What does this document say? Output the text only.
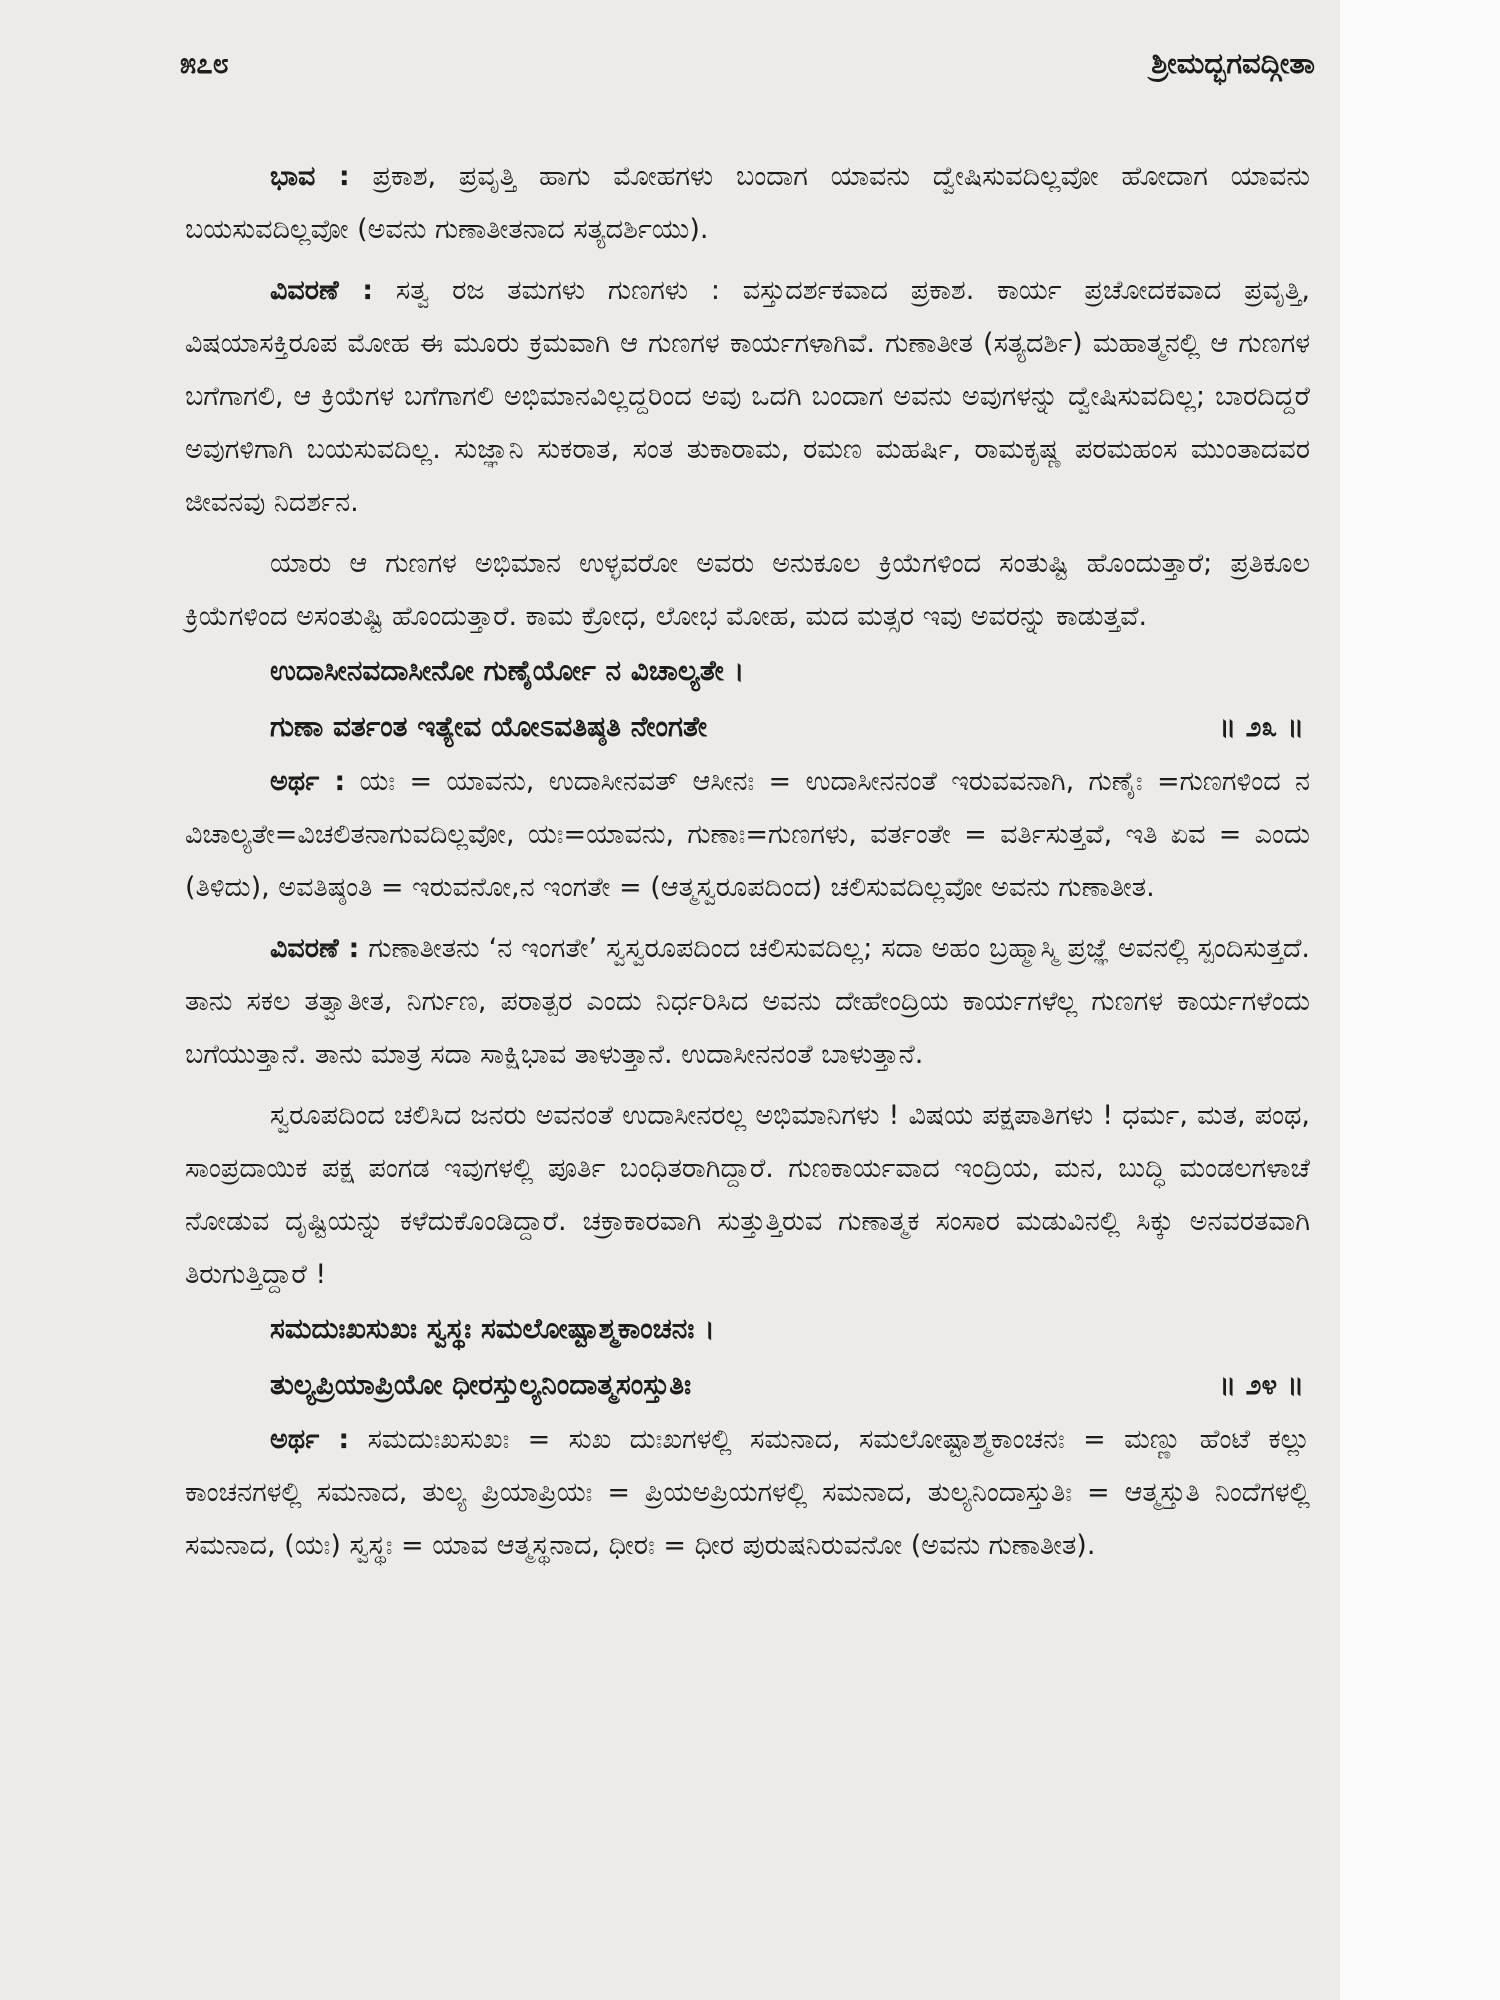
೫೭೮	ಶ್ರೀಮದ್ಭಗವದ್ಗೀತಾ

ಭಾವ : ಪ್ರಕಾಶ, ಪ್ರವೃತ್ತಿ ಹಾಗು ಮೋಹಗಳು ಬಂದಾಗ ಯಾವನು ದ್ವೇಷಿಸುವದಿಲ್ಲವೋ ಹೋದಾಗ ಯಾವನು ಬಯಸುವದಿಲ್ಲವೋ (ಅವನು ಗುಣಾತೀತನಾದ ಸತ್ಯದರ್ಶಿಯು).

ವಿವರಣೆ : ಸತ್ವ ರಜ ತಮಗಳು ಗುಣಗಳು : ವಸ್ತುದರ್ಶಕವಾದ ಪ್ರಕಾಶ. ಕಾರ್ಯ ಪ್ರಚೋದಕವಾದ ಪ್ರವೃತ್ತಿ, ವಿಷಯಾಸಕ್ತಿರೂಪ ಮೋಹ ಈ ಮೂರು ಕ್ರಮವಾಗಿ ಆ ಗುಣಗಳ ಕಾರ್ಯಗಳಾಗಿವೆ. ಗುಣಾತೀತ (ಸತ್ಯದರ್ಶಿ) ಮಹಾತ್ಮನಲ್ಲಿ ಆ ಗುಣಗಳ ಬಗೆಗಾಗಲಿ, ಆ ಕ್ರಿಯೆಗಳ ಬಗೆಗಾಗಲಿ ಅಭಿಮಾನವಿಲ್ಲದ್ದರಿಂದ ಅವು ಒದಗಿ ಬಂದಾಗ ಅವನು ಅವುಗಳನ್ನು ದ್ವೇಷಿಸುವದಿಲ್ಲ; ಬಾರದಿದ್ದರೆ ಅವುಗಳಿಗಾಗಿ ಬಯಸುವದಿಲ್ಲ. ಸುಜ್ಞಾನಿ ಸುಕರಾತ, ಸಂತ ತುಕಾರಾಮ, ರಮಣ ಮಹರ್ಷಿ, ರಾಮಕೃಷ್ಣ ಪರಮಹಂಸ ಮುಂತಾದವರ ಜೀವನವು ನಿದರ್ಶನ.

ಯಾರು ಆ ಗುಣಗಳ ಅಭಿಮಾನ ಉಳ್ಳವರೋ ಅವರು ಅನುಕೂಲ ಕ್ರಿಯೆಗಳಿಂದ ಸಂತುಷ್ಟಿ ಹೊಂದುತ್ತಾರೆ; ಪ್ರತಿಕೂಲ ಕ್ರಿಯೆಗಳಿಂದ ಅಸಂತುಷ್ಟಿ ಹೊಂದುತ್ತಾರೆ. ಕಾಮ ಕ್ರೋಧ, ಲೋಭ ಮೋಹ, ಮದ ಮತ್ಸರ ಇವು ಅವರನ್ನು ಕಾಡುತ್ತವೆ.

ಉದಾಸೀನವದಾಸೀನೋ ಗುಣೈರ್ಯೋ ನ ವಿಚಾಲ್ಯತೇ ।
ಗುಣಾ ವರ್ತಂತ ಇತ್ಯೇವ ಯೋಽವತಿಷ್ಠತಿ ನೇಂಗತೇ	॥ ೨೩ ॥

ಅರ್ಥ : ಯಃ = ಯಾವನು, ಉದಾಸೀನವತ್ ಆಸೀನಃ = ಉದಾಸೀನನಂತೆ ಇರುವವನಾಗಿ, ಗುಣೈಃ =ಗುಣಗಳಿಂದ ನ ವಿಚಾಲ್ಯತೇ=ವಿಚಲಿತನಾಗುವದಿಲ್ಲವೋ, ಯಃ=ಯಾವನು, ಗುಣಾಃ=ಗುಣಗಳು, ವರ್ತಂತೇ = ವರ್ತಿಸುತ್ತವೆ, ಇತಿ ಏವ = ಎಂದು (ತಿಳಿದು), ಅವತಿಷ್ಠಂತಿ = ಇರುವನೋ,ನ ಇಂಗತೇ = (ಆತ್ಮಸ್ವರೂಪದಿಂದ) ಚಲಿಸುವದಿಲ್ಲವೋ ಅವನು ಗುಣಾತೀತ.

ವಿವರಣೆ : ಗುಣಾತೀತನು ‘ನ ಇಂಗತೇ’ ಸ್ವಸ್ವರೂಪದಿಂದ ಚಲಿಸುವದಿಲ್ಲ; ಸದಾ ಅಹಂ ಬ್ರಹ್ಮಾಸ್ಮಿ ಪ್ರಜ್ಞೆ ಅವನಲ್ಲಿ ಸ್ಪಂದಿಸುತ್ತದೆ. ತಾನು ಸಕಲ ತತ್ವಾತೀತ, ನಿರ್ಗುಣ, ಪರಾತ್ಪರ ಎಂದು ನಿರ್ಧರಿಸಿದ ಅವನು ದೇಹೇಂದ್ರಿಯ ಕಾರ್ಯಗಳೆಲ್ಲ ಗುಣಗಳ ಕಾರ್ಯಗಳೆಂದು ಬಗೆಯುತ್ತಾನೆ. ತಾನು ಮಾತ್ರ ಸದಾ ಸಾಕ್ಷಿಭಾವ ತಾಳುತ್ತಾನೆ. ಉದಾಸೀನನಂತೆ ಬಾಳುತ್ತಾನೆ.

ಸ್ವರೂಪದಿಂದ ಚಲಿಸಿದ ಜನರು ಅವನಂತೆ ಉದಾಸೀನರಲ್ಲ ಅಭಿಮಾನಿಗಳು ! ವಿಷಯ ಪಕ್ಷಪಾತಿಗಳು ! ಧರ್ಮ, ಮತ, ಪಂಥ, ಸಾಂಪ್ರದಾಯಿಕ ಪಕ್ಷ ಪಂಗಡ ಇವುಗಳಲ್ಲಿ ಪೂರ್ತಿ ಬಂಧಿತರಾಗಿದ್ದಾರೆ. ಗುಣಕಾರ್ಯವಾದ ಇಂದ್ರಿಯ, ಮನ, ಬುದ್ಧಿ ಮಂಡಲಗಳಾಚೆ ನೋಡುವ ದೃಷ್ಟಿಯನ್ನು ಕಳೆದುಕೊಂಡಿದ್ದಾರೆ. ಚಕ್ರಾಕಾರವಾಗಿ ಸುತ್ತುತ್ತಿರುವ ಗುಣಾತ್ಮಕ ಸಂಸಾರ ಮಡುವಿನಲ್ಲಿ ಸಿಕ್ಕು ಅನವರತವಾಗಿ ತಿರುಗುತ್ತಿದ್ದಾರೆ !

ಸಮದುಃಖಸುಖಃ ಸ್ವಸ್ಥಃ ಸಮಲೋಷ್ಟಾಶ್ಮಕಾಂಚನಃ ।
ತುಲ್ಯಪ್ರಿಯಾಪ್ರಿಯೋ ಧೀರಸ್ತುಲ್ಯನಿಂದಾತ್ಮಸಂಸ್ತುತಿಃ	॥ ೨೪ ॥

ಅರ್ಥ : ಸಮದುಃಖಸುಖಃ = ಸುಖ ದುಃಖಗಳಲ್ಲಿ ಸಮನಾದ, ಸಮಲೋಷ್ಟಾಶ್ಮಕಾಂಚನಃ = ಮಣ್ಣು ಹೆಂಟೆ ಕಲ್ಲು ಕಾಂಚನಗಳಲ್ಲಿ ಸಮನಾದ, ತುಲ್ಯ ಪ್ರಿಯಾಪ್ರಿಯಃ = ಪ್ರಿಯಅಪ್ರಿಯಗಳಲ್ಲಿ ಸಮನಾದ, ತುಲ್ಯನಿಂದಾಸ್ತುತಿಃ = ಆತ್ಮಸ್ತುತಿ ನಿಂದೆಗಳಲ್ಲಿ ಸಮನಾದ, (ಯಃ) ಸ್ವಸ್ಥಃ = ಯಾವ ಆತ್ಮಸ್ಥನಾದ, ಧೀರಃ = ಧೀರ ಪುರುಷನಿರುವನೋ (ಅವನು ಗುಣಾತೀತ).
